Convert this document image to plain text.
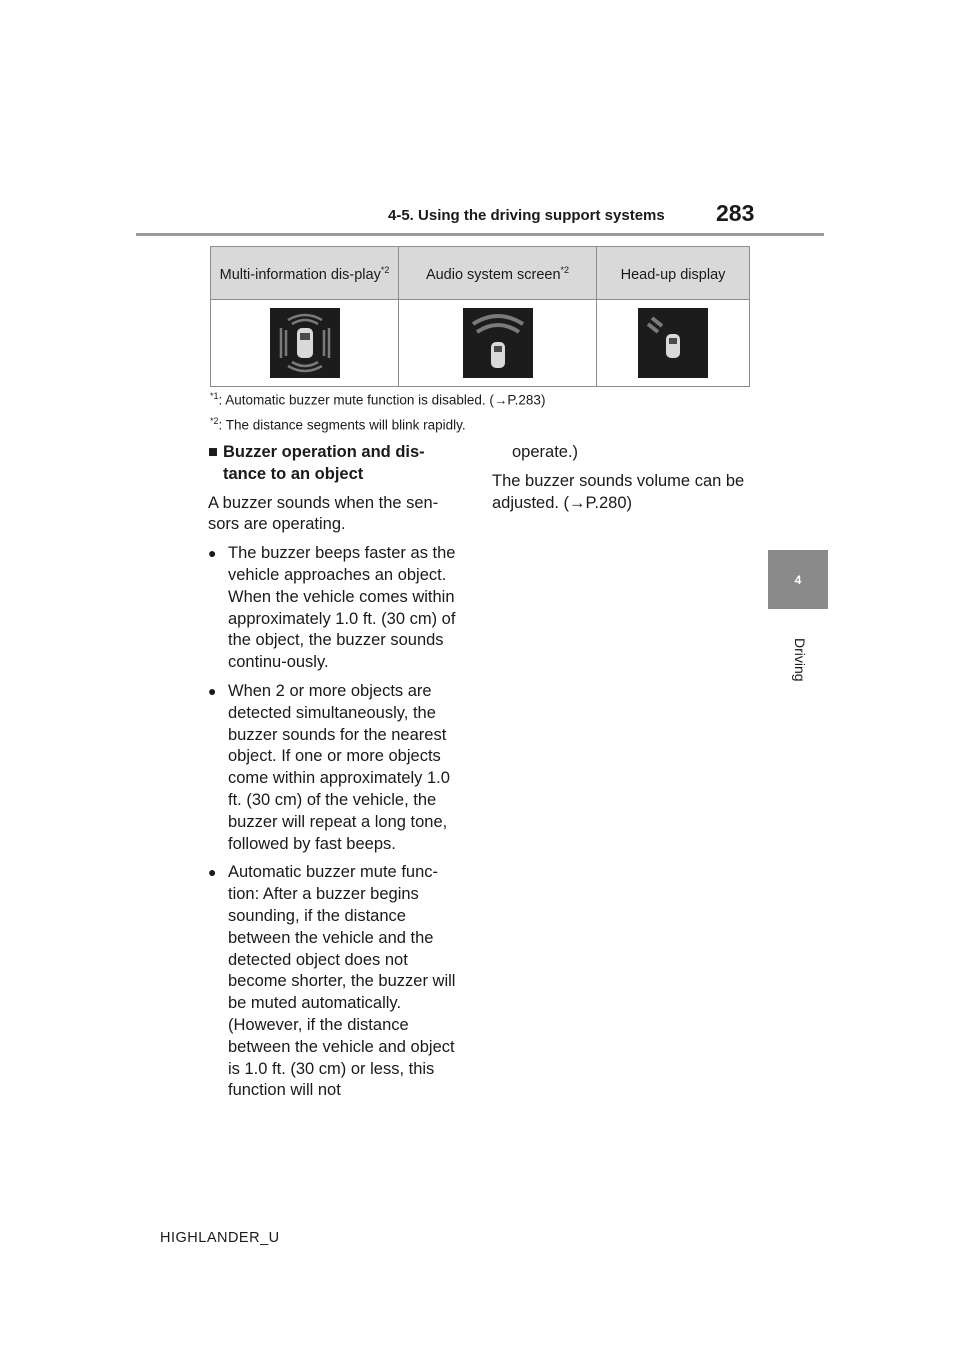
4-5. Using the driving support systems 283
4
Driving
Multi-information dis-play$^{*2}$	Audio system screen$^{*2}$	Head-up display

$^{*1}$: Automatic buzzer mute function is disabled. (→P.283)
$^{*2}$: The distance segments will blink rapidly.
■ Buzzer operation and dis-tance to an object

A buzzer sounds when the sen-sors are operating.

● The buzzer beeps faster as the vehicle approaches an object. When the vehicle comes within approximately 1.0 ft. (30 cm) of the object, the buzzer sounds continu-ously.
● When 2 or more objects are detected simultaneously, the buzzer sounds for the nearest object. If one or more objects come within approximately 1.0 ft. (30 cm) of the vehicle, the buzzer will repeat a long tone, followed by fast beeps.
● Automatic buzzer mute func-tion: After a buzzer begins sounding, if the distance between the vehicle and the detected object does not become shorter, the buzzer will be muted automatically. (However, if the distance between the vehicle and object is 1.0 ft. (30 cm) or less, this function will not

operate.)

The buzzer sounds volume can be adjusted. (→P.280)

HIGHLANDER_U
